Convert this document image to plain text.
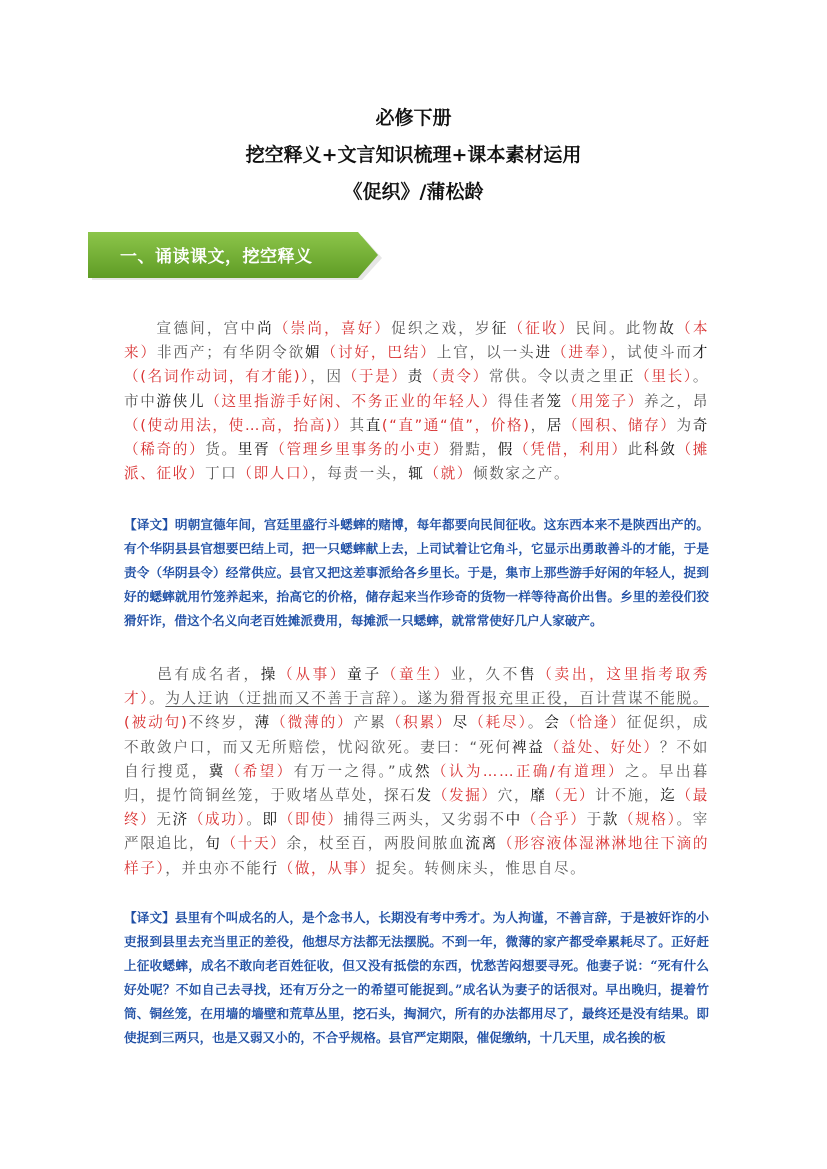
必修下册
挖空释义+文言知识梳理+课本素材运用
《促织》/蒲松龄
一、诵读课文，挖空释义
宣德间，宫中尚（崇尚，喜好）促织之戏，岁征（征收）民间。此物故（本来）非西产；有华阴令欲媚（讨好，巴结）上官，以一头进（进奉），试使斗而才（(名词作动词，有才能)），因（于是）责（责令）常供。令以责之里正（里长）。市中游侠儿（这里指游手好闲、不务正业的年轻人）得佳者笼（用笼子）养之，昂（(使动用法，使…高，抬高)）其直(“直”通“值”，价格)，居（囤积、储存）为奇（稀奇的）货。里胥（管理乡里事务的小吏）猾黠，假（凭借，利用）此科敛（摊派、征收）丁口（即人口），每责一头，辄（就）倾数家之产。
【译文】明朝宣德年间，宫廷里盛行斗蟋蟀的赌博，每年都要向民间征收。这东西本来不是陕西出产的。有个华阴县县官想要巴结上司，把一只蟋蟀献上去，上司试着让它角斗，它显示出勇敢善斗的才能，于是责令（华阴县令）经常供应。县官又把这差事派给各乡里长。于是，集市上那些游手好闲的年轻人，捉到好的蟋蟀就用竹笼养起来，抬高它的价格，储存起来当作珍奇的货物一样等待高价出售。乡里的差役们狡猾奸诈，借这个名义向老百姓摊派费用，每摊派一只蟋蟀，就常常使好几户人家破产。
邑有成名者，操（从事）童子（童生）业，久不售（卖出，这里指考取秀才）。为人迂讷（迂拙而又不善于言辞）。遂为猾胥报充里正役，百计营谋不能脱。(被动句)不终岁，薄（微薄的）产累（积累）尽（耗尽）。会（恰逢）征促织，成不敢敛户口，而又无所赔偿，忧闷欲死。妻曰：“死何裨益（益处、好处）？不如自行搜觅，冀（希望）有万一之得。”成然（认为……正确/有道理）之。早出暮归，提竹筒铜丝笼，于败堵丛草处，探石发（发掘）穴，靡（无）计不施，迄（最终）无济（成功）。即（即使）捕得三两头，又劣弱不中（合乎）于款（规格）。宰严限追比，旬（十天）余，杖至百，两股间脓血流离（形容液体湿淋淋地往下滴的样子），并虫亦不能行（做，从事）捉矣。转侧床头，惟思自尽。
【译文】县里有个叫成名的人，是个念书人，长期没有考中秀才。为人拘谨，不善言辞，于是被奸诈的小吏报到县里去充当里正的差役，他想尽方法都无法摆脱。不到一年，微薄的家产都受牵累耗尽了。正好赶上征收蟋蟀，成名不敢向老百姓征收，但又没有抵偿的东西，忧愁苦闷想要寻死。他妻子说：“死有什么好处呢？不如自己去寻找，还有万分之一的希望可能捉到。”成名认为妻子的话很对。早出晚归，提着竹筒、铜丝笼，在用墙的墙壁和荒草丛里，挖石头，掏洞穴，所有的办法都用尽了，最终还是没有结果。即使捉到三两只，也是又弱又小的，不合乎规格。县官严定期限，催促缴纳，十几天里，成名挨的板
